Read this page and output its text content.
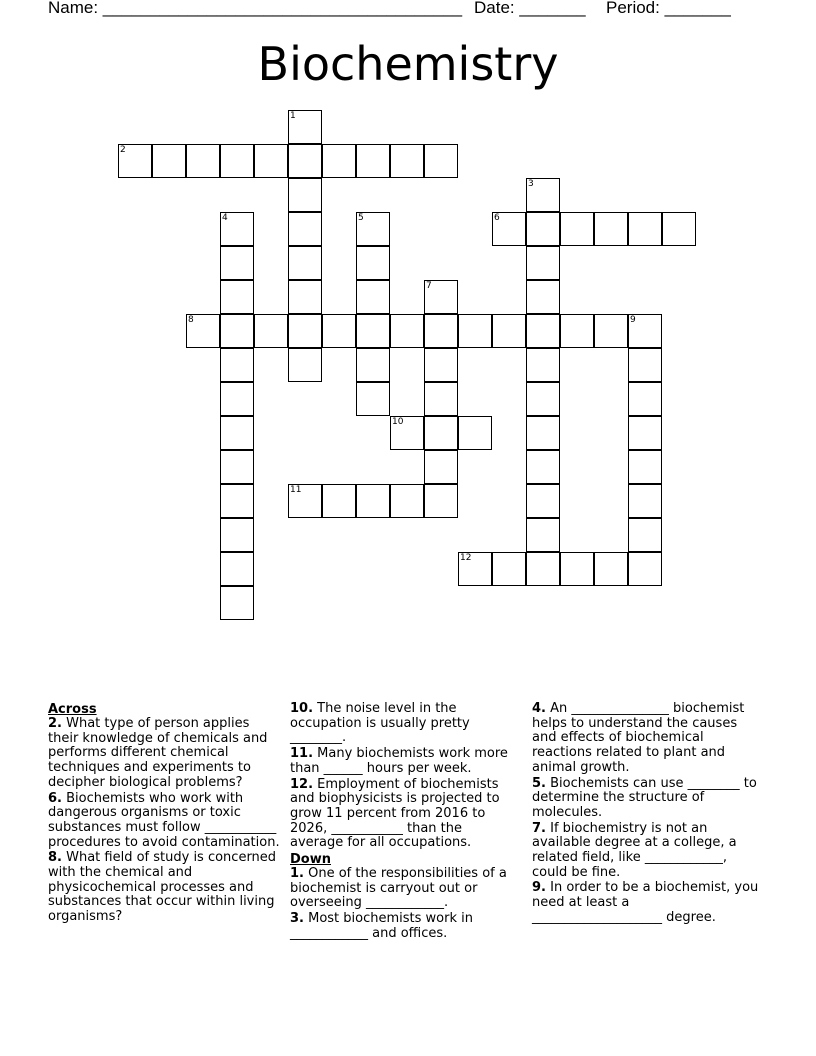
Name: ______________________________________ Date: _______ Period: _______
Biochemistry
1
2
3
4	5	6
7
8	9
10
11
12
Across

2. What type of person applies their knowledge of chemicals and performs different chemical techniques and experiments to decipher biological problems?

6. Biochemists who work with dangerous organisms or toxic substances must follow ___________ procedures to avoid contamination.

8. What field of study is concerned with the chemical and physicochemical processes and substances that occur within living organisms?

10. The noise level in the occupation is usually pretty ________.

11. Many biochemists work more than ______ hours per week.

12. Employment of biochemists and biophysicists is projected to grow 11 percent from 2016 to 2026, ___________ than the average for all occupations.

Down

1. One of the responsibilities of a biochemist is carryout out or overseeing ____________.

3. Most biochemists work in ____________ and offices.

4. An _______________ biochemist helps to understand the causes and effects of biochemical reactions related to plant and animal growth.

5. Biochemists can use ________ to determine the structure of molecules.

7. If biochemistry is not an available degree at a college, a related field, like ____________, could be fine.

9. In order to be a biochemist, you need at least a ____________________ degree.
